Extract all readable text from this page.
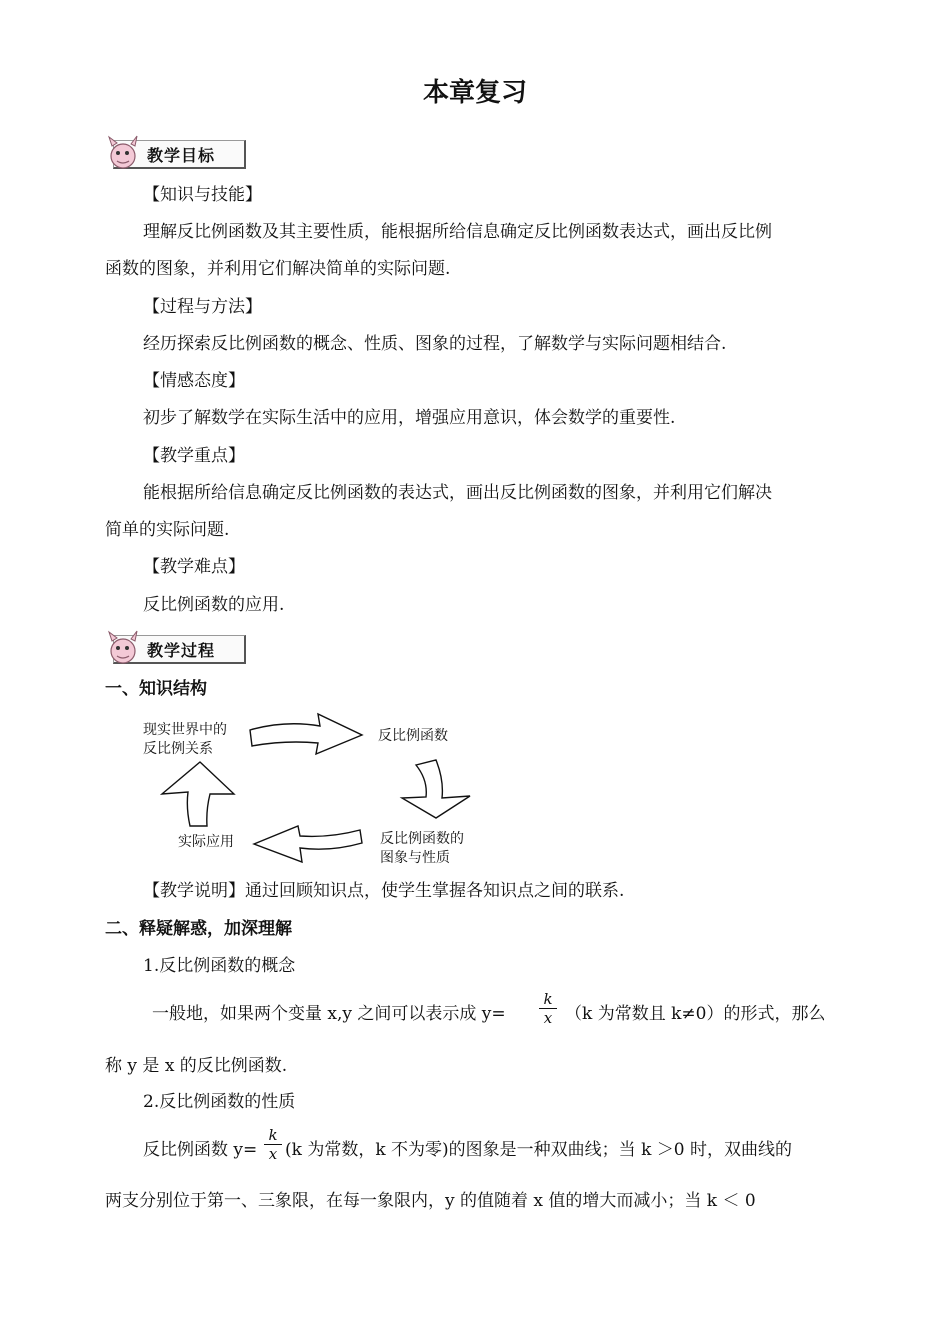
本章复习
教学目标
【知识与技能】
理解反比例函数及其主要性质，能根据所给信息确定反比例函数表达式，画出反比例
函数的图象，并利用它们解决简单的实际问题.
【过程与方法】
经历探索反比例函数的概念、性质、图象的过程，了解数学与实际问题相结合.
【情感态度】
初步了解数学在实际生活中的应用，增强应用意识，体会数学的重要性.
【教学重点】
能根据所给信息确定反比例函数的表达式，画出反比例函数的图象，并利用它们解决
简单的实际问题.
【教学难点】
反比例函数的应用.
教学过程
一、知识结构
现实世界中的
反比例关系
反比例函数
反比例函数的
图象与性质
实际应用
【教学说明】通过回顾知识点，使学生掌握各知识点之间的联系.
二、释疑解惑，加深理解
1.反比例函数的概念
一般地，如果两个变量 x,y 之间可以表示成 y=
k
x （k 为常数且 k≠0）的形式，那么
称 y 是 x 的反比例函数.
2.反比例函数的性质
反比例函数 y=
k
x (k 为常数，k 不为零)的图象是一种双曲线；当 k ＞0 时，双曲线的
两支分别位于第一、三象限，在每一象限内，y 的值随着 x 值的增大而减小；当 k ＜ 0
